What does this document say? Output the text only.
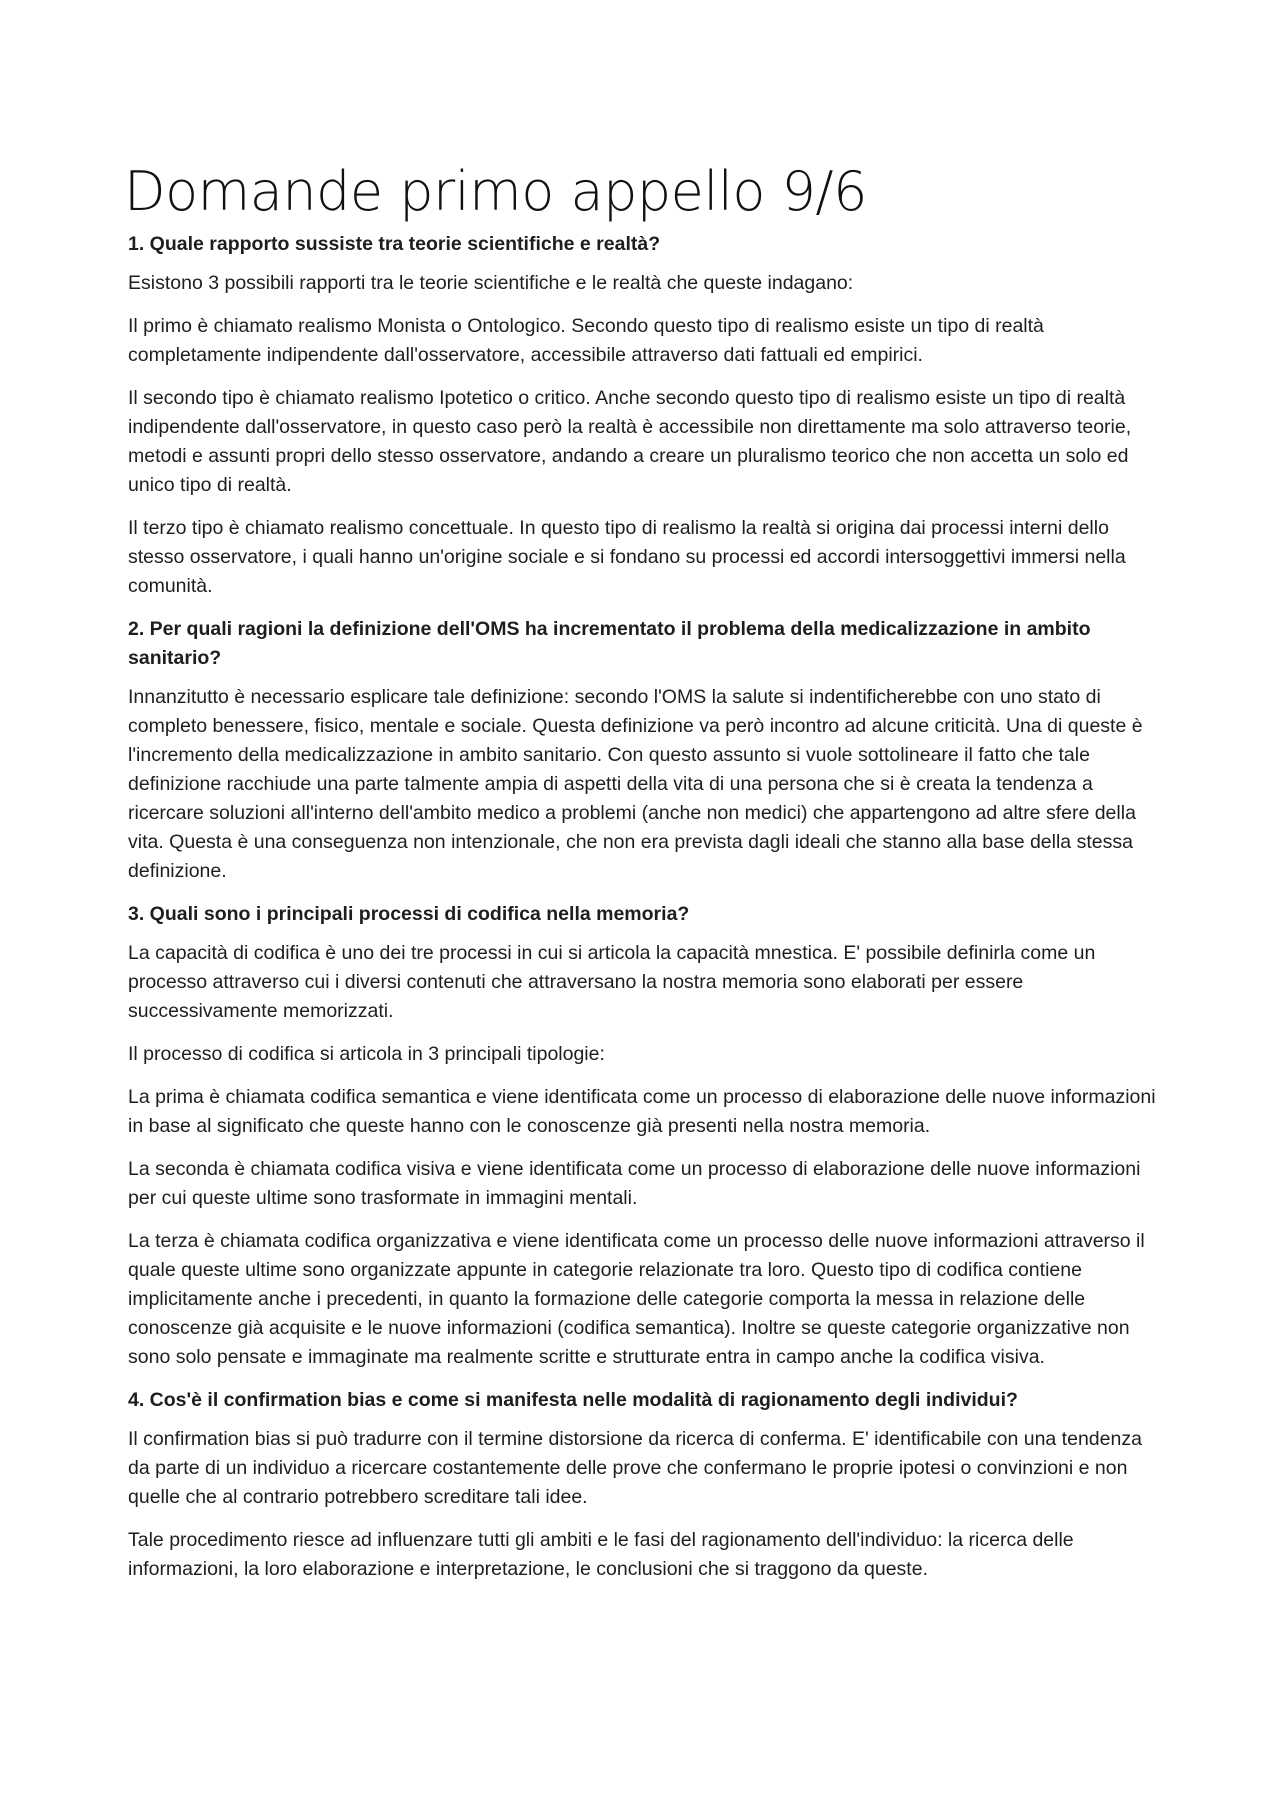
Domande primo appello 9/6
1. Quale rapporto sussiste tra teorie scientifiche e realtà?

Esistono 3 possibili rapporti tra le teorie scientifiche e le realtà che queste indagano:

Il primo è chiamato realismo Monista o Ontologico. Secondo questo tipo di realismo esiste un tipo di realtà completamente indipendente dall'osservatore, accessibile attraverso dati fattuali ed empirici.

Il secondo tipo è chiamato realismo Ipotetico o critico. Anche secondo questo tipo di realismo esiste un tipo di realtà indipendente dall'osservatore, in questo caso però la realtà è accessibile non direttamente ma solo attraverso teorie, metodi e assunti propri dello stesso osservatore, andando a creare un pluralismo teorico che non accetta un solo ed unico tipo di realtà.

Il terzo tipo è chiamato realismo concettuale. In questo tipo di realismo la realtà si origina dai processi interni dello stesso osservatore, i quali hanno un'origine sociale e si fondano su processi ed accordi intersoggettivi immersi nella comunità.

2. Per quali ragioni la definizione dell'OMS ha incrementato il problema della medicalizzazione in ambito sanitario?

Innanzitutto è necessario esplicare tale definizione: secondo l'OMS la salute si indentificherebbe con uno stato di completo benessere, fisico, mentale e sociale. Questa definizione va però incontro ad alcune criticità. Una di queste è l'incremento della medicalizzazione in ambito sanitario. Con questo assunto si vuole sottolineare il fatto che tale definizione racchiude una parte talmente ampia di aspetti della vita di una persona che si è creata la tendenza a ricercare soluzioni all'interno dell'ambito medico a problemi (anche non medici) che appartengono ad altre sfere della vita. Questa è una conseguenza non intenzionale, che non era prevista dagli ideali che stanno alla base della stessa definizione.

3. Quali sono i principali processi di codifica nella memoria?

La capacità di codifica è uno dei tre processi in cui si articola la capacità mnestica. E' possibile definirla come un processo attraverso cui i diversi contenuti che attraversano la nostra memoria sono elaborati per essere successivamente memorizzati.

Il processo di codifica si articola in 3 principali tipologie:

La prima è chiamata codifica semantica e viene identificata come un processo di elaborazione delle nuove informazioni in base al significato che queste hanno con le conoscenze già presenti nella nostra memoria.

La seconda è chiamata codifica visiva e viene identificata come un processo di elaborazione delle nuove informazioni per cui queste ultime sono trasformate in immagini mentali.

La terza è chiamata codifica organizzativa e viene identificata come un processo delle nuove informazioni attraverso il quale queste ultime sono organizzate appunte in categorie relazionate tra loro. Questo tipo di codifica contiene implicitamente anche i precedenti, in quanto la formazione delle categorie comporta la messa in relazione delle conoscenze già acquisite e le nuove informazioni (codifica semantica). Inoltre se queste categorie organizzative non sono solo pensate e immaginate ma realmente scritte e strutturate entra in campo anche la codifica visiva.

4. Cos'è il confirmation bias e come si manifesta nelle modalità di ragionamento degli individui?

Il confirmation bias si può tradurre con il termine distorsione da ricerca di conferma. E' identificabile con una tendenza da parte di un individuo a ricercare costantemente delle prove che confermano le proprie ipotesi o convinzioni e non quelle che al contrario potrebbero screditare tali idee.

Tale procedimento riesce ad influenzare tutti gli ambiti e le fasi del ragionamento dell'individuo: la ricerca delle informazioni, la loro elaborazione e interpretazione, le conclusioni che si traggono da queste.
